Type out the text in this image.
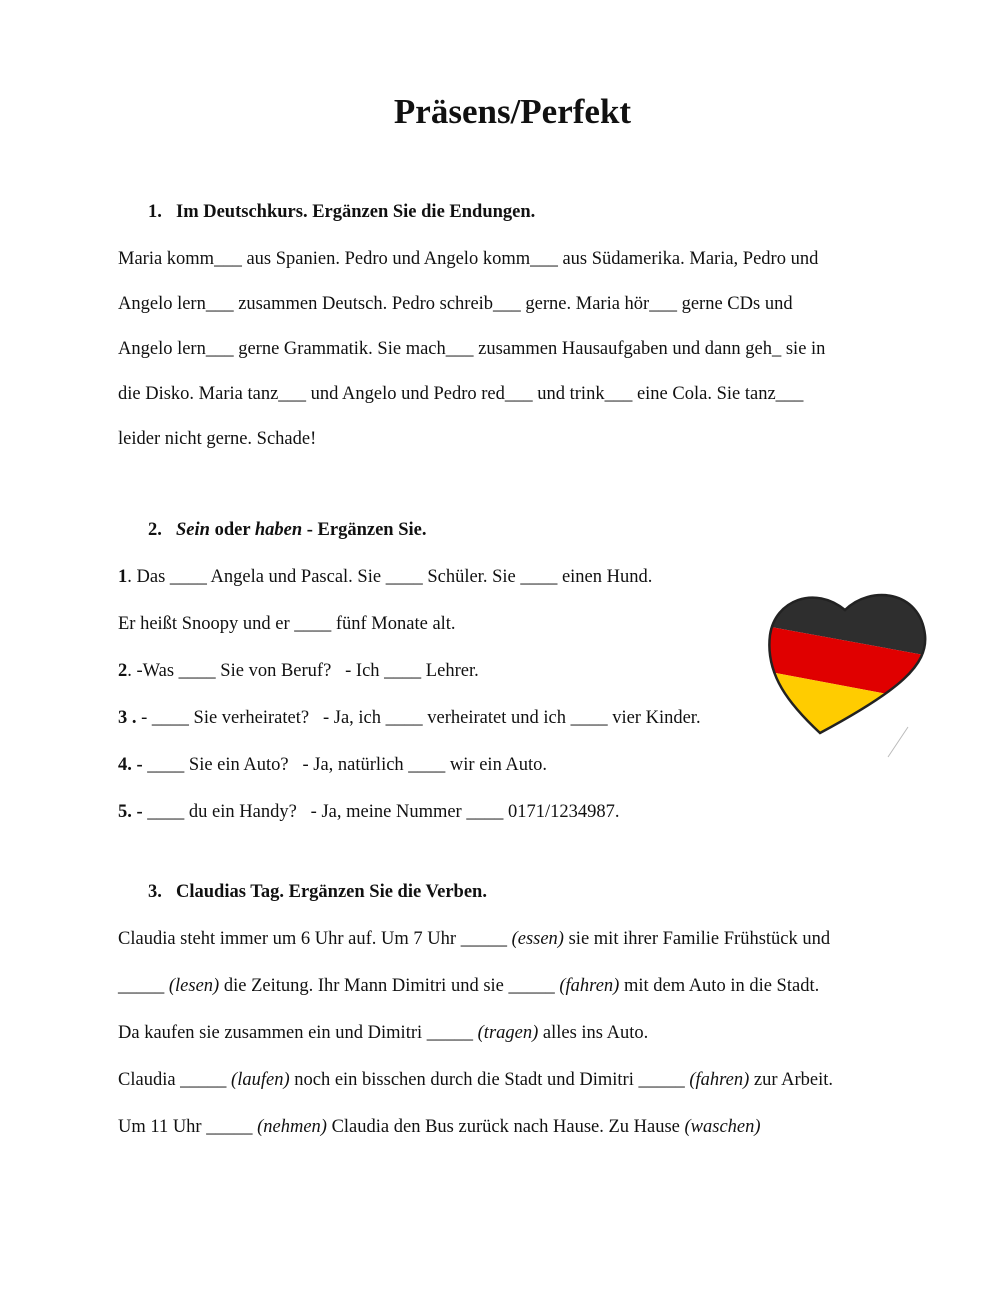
Präsens/Perfekt
1. Im Deutschkurs. Ergänzen Sie die Endungen.
Maria komm___ aus Spanien. Pedro und Angelo komm___ aus Südamerika. Maria, Pedro und
Angelo lern___ zusammen Deutsch. Pedro schreib___ gerne. Maria hör___ gerne CDs und
Angelo lern___ gerne Grammatik. Sie mach___ zusammen Hausaufgaben und dann geh_ sie in
die Disko. Maria tanz___ und Angelo und Pedro red___ und trink___ eine Cola. Sie tanz___
leider nicht gerne. Schade!
2. Sein oder haben - Ergänzen Sie.
1. Das ____ Angela und Pascal. Sie ____ Schüler. Sie ____ einen Hund.
Er heißt Snoopy und er ____ fünf Monate alt.
2. -Was ____ Sie von Beruf?   - Ich ____ Lehrer.
3 . - ____ Sie verheiratet?   - Ja, ich ____ verheiratet und ich ____ vier Kinder.
4. - ____ Sie ein Auto?   - Ja, natürlich ____ wir ein Auto.
5. - ____ du ein Handy?   - Ja, meine Nummer ____ 0171/1234987.
3. Claudias Tag. Ergänzen Sie die Verben.
Claudia steht immer um 6 Uhr auf. Um 7 Uhr _____ (essen) sie mit ihrer Familie Frühstück und
_____ (lesen) die Zeitung. Ihr Mann Dimitri und sie _____ (fahren) mit dem Auto in die Stadt.
Da kaufen sie zusammen ein und Dimitri _____ (tragen) alles ins Auto.
Claudia _____ (laufen) noch ein bisschen durch die Stadt und Dimitri _____ (fahren) zur Arbeit.
Um 11 Uhr _____ (nehmen) Claudia den Bus zurück nach Hause. Zu Hause (waschen)
